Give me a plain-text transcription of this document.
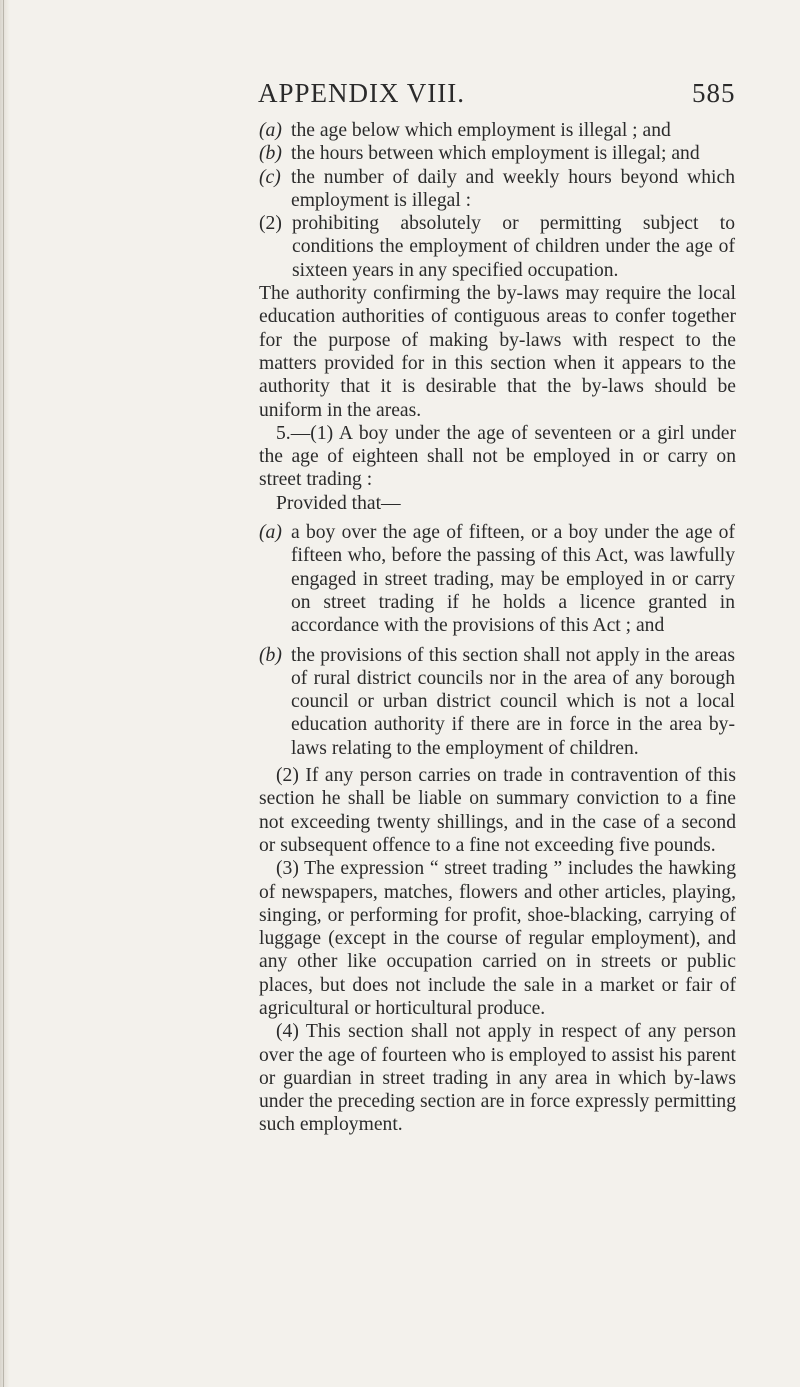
APPENDIX VIII.	585

(a) the age below which employment is illegal ; and

(b) the hours between which employment is illegal; and

(c) the number of daily and weekly hours beyond which employment is illegal :

(2) prohibiting absolutely or permitting subject to conditions the employment of children under the age of sixteen years in any specified occupation.

The authority confirming the by-laws may require the local education authorities of contiguous areas to confer together for the purpose of making by-laws with respect to the matters provided for in this section when it appears to the authority that it is desirable that the by-laws should be uniform in the areas.

5.—(1) A boy under the age of seventeen or a girl under the age of eighteen shall not be employed in or carry on street trading :

Provided that—

(a) a boy over the age of fifteen, or a boy under the age of fifteen who, before the passing of this Act, was lawfully engaged in street trading, may be employed in or carry on street trading if he holds a licence granted in accordance with the provisions of this Act ; and

(b) the provisions of this section shall not apply in the areas of rural district councils nor in the area of any borough council or urban district council which is not a local education authority if there are in force in the area by-laws relating to the employment of children.

(2) If any person carries on trade in contravention of this section he shall be liable on summary conviction to a fine not exceeding twenty shillings, and in the case of a second or subsequent offence to a fine not exceeding five pounds.

(3) The expression “ street trading ” includes the hawking of newspapers, matches, flowers and other articles, playing, singing, or performing for profit, shoe-blacking, carrying of luggage (except in the course of regular employment), and any other like occupation carried on in streets or public places, but does not include the sale in a market or fair of agricultural or horticultural produce.

(4) This section shall not apply in respect of any person over the age of fourteen who is employed to assist his parent or guardian in street trading in any area in which by-laws under the preceding section are in force expressly permitting such employment.
